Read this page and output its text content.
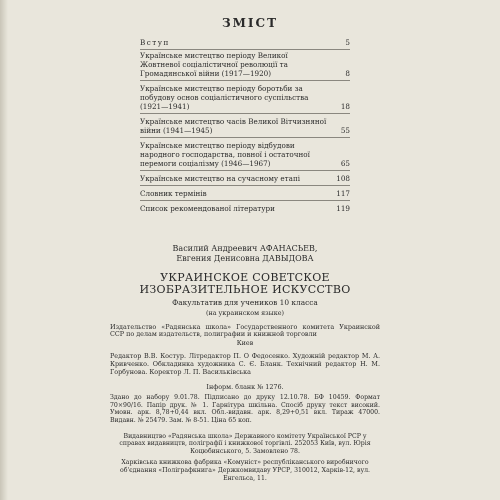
ЗМІСТ
Вступ	5
Українське мистецтво періоду Великої Жовтневої соціалістичної революції та Громадянської війни (1917—1920)	8
Українське мистецтво періоду боротьби за побудову основ соціалістичного суспільства (1921—1941)	18
Українське мистецтво часів Великої Вітчизняної війни (1941—1945)	55
Українське мистецтво періоду відбудови народного господарства, повної і остаточної перемоги соціалізму (1946—1967)	65
Українське мистецтво на сучасному етапі	108
Словник термінів	117
Список рекомендованої літератури	119
Василий Андреевич АФАНАСЬЕВ,
Евгения Денисовна ДАВЫДОВА
УКРАИНСКОЕ СОВЕТСКОЕ
ИЗОБРАЗИТЕЛЬНОЕ ИСКУССТВО
Факультатив для учеников 10 класса
(на украинском языке)
Издательство «Радянська школа» Государственного комитета Украинской ССР по делам издательств, полиграфии и книжной торговли
Киев
Редактор В.В. Костур. Літредактор П. О Федосенко. Художній редактор М. А. Кривченко. Обкладинка художника С. Є. Бланк. Технічний редактор Н. М. Горбунова. Коректор Л. П. Васильківська
Інформ. бланк № 1276.
Здано до набору 9.01.78. Підписано до друку 12.10.78. БФ 10459. Формат 70×90/16. Папір друк. № 1. Гарнітура шкільна. Спосіб друку текст високий. Умовн. арк. 8,78+0,44 вкл. Обл.-видавн. арк. 8,29+0,51 вкл. Тираж 47000. Видавн. № 25479. Зам. № 8-51. Ціна 65 коп.
Видавництво «Радянська школа» Державного комітету Української РСР у справах видавництв, поліграфії і книжкової торгівлі. 252053 Київ, вул. Юрія Коцюбинського, 5. Замовлено 78.
Харківська книжкова фабрика «Комуніст» республіканського виробничого об'єднання «Поліграфкнига» Держкомвидаву УРСР, 310012, Харків-12, вул. Енгельса, 11.
